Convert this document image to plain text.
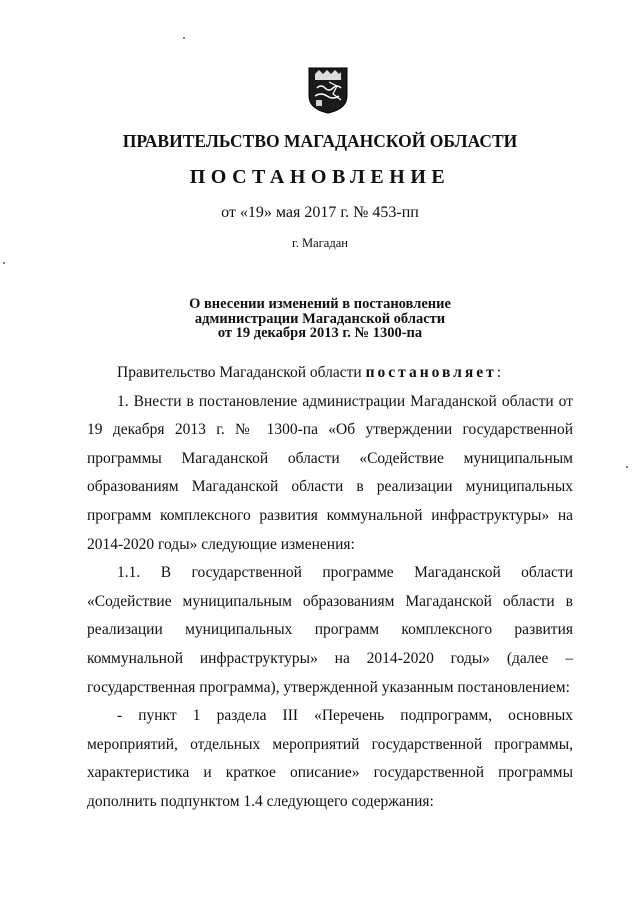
ПРАВИТЕЛЬСТВО МАГАДАНСКОЙ ОБЛАСТИ
ПОСТАНОВЛЕНИЕ
от «19» мая 2017 г. № 453-пп
г. Магадан
О внесении изменений в постановление
администрации Магаданской области
от 19 декабря 2013 г. № 1300-па

Правительство Магаданской области постановляет:

1. Внести в постановление администрации Магаданской области от 19 декабря 2013 г. № 1300-па «Об утверждении государственной программы Магаданской области «Содействие муниципальным образованиям Магаданской области в реализации муниципальных программ комплексного развития коммунальной инфраструктуры» на 2014-2020 годы» следующие изменения:

1.1. В государственной программе Магаданской области «Содействие муниципальным образованиям Магаданской области в реализации муниципальных программ комплексного развития коммунальной инфраструктуры» на 2014-2020 годы» (далее – государственная программа), утвержденной указанным постановлением:

- пункт 1 раздела III «Перечень подпрограмм, основных мероприятий, отдельных мероприятий государственной программы, характеристика и краткое описание» государственной программы дополнить подпунктом 1.4 следующего содержания:
